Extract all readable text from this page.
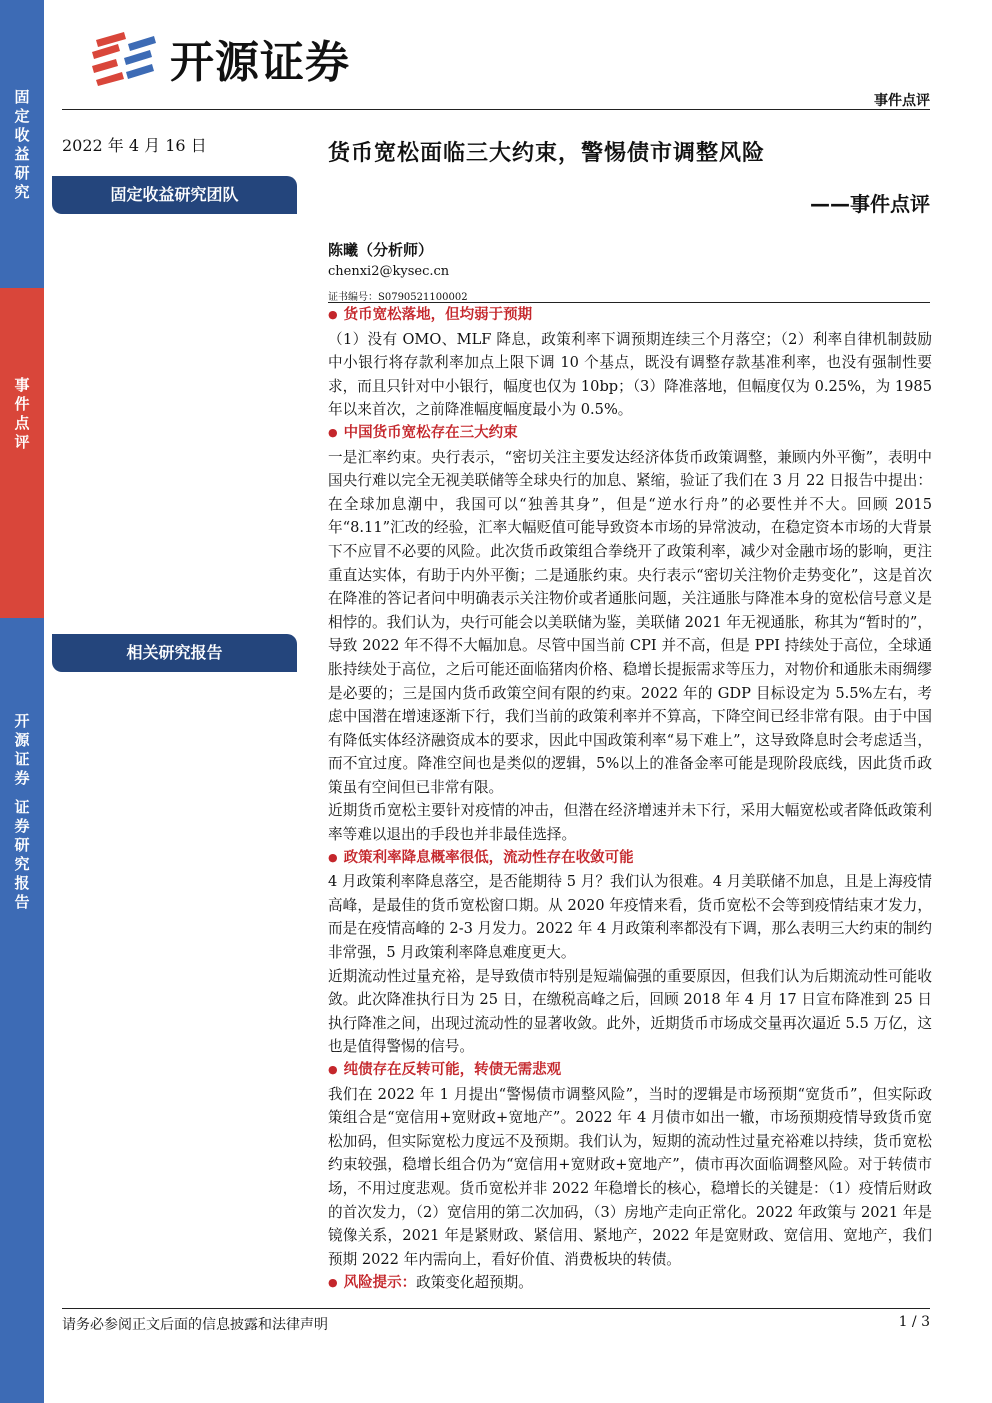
固
定
收
益
研
究
事
件
点
评
开
源
证
券

证
券
研
究
报
告
开源证券
事件点评
2022 年 4 月 16 日
固定收益研究团队
相关研究报告
货币宽松面临三大约束，警惕债市调整风险
——事件点评
陈曦（分析师）
chenxi2@kysec.cn
证书编号：S0790521100002
● 货币宽松落地，但均弱于预期

（1）没有 OMO、MLF 降息，政策利率下调预期连续三个月落空；（2）利率自律机制鼓励中小银行将存款利率加点上限下调 10 个基点，既没有调整存款基准利率，也没有强制性要求，而且只针对中小银行，幅度也仅为 10bp；（3）降准落地，但幅度仅为 0.25%，为 1985 年以来首次，之前降准幅度幅度最小为 0.5%。

● 中国货币宽松存在三大约束

一是汇率约束。央行表示，“密切关注主要发达经济体货币政策调整，兼顾内外平衡”，表明中国央行难以完全无视美联储等全球央行的加息、紧缩，验证了我们在 3 月 22 日报告中提出：在全球加息潮中，我国可以“独善其身”，但是“逆水行舟”的必要性并不大。回顾 2015 年“8.11”汇改的经验，汇率大幅贬值可能导致资本市场的异常波动，在稳定资本市场的大背景下不应冒不必要的风险。此次货币政策组合拳绕开了政策利率，减少对金融市场的影响，更注重直达实体，有助于内外平衡；二是通胀约束。央行表示“密切关注物价走势变化”，这是首次在降准的答记者问中明确表示关注物价或者通胀问题，关注通胀与降准本身的宽松信号意义是相悖的。我们认为，央行可能会以美联储为鉴，美联储 2021 年无视通胀，称其为“暂时的”，导致 2022 年不得不大幅加息。尽管中国当前 CPI 并不高，但是 PPI 持续处于高位，全球通胀持续处于高位，之后可能还面临猪肉价格、稳增长提振需求等压力，对物价和通胀未雨绸缪是必要的；三是国内货币政策空间有限的约束。2022 年的 GDP 目标设定为 5.5%左右，考虑中国潜在增速逐渐下行，我们当前的政策利率并不算高，下降空间已经非常有限。由于中国有降低实体经济融资成本的要求，因此中国政策利率“易下难上”，这导致降息时会考虑适当，而不宜过度。降准空间也是类似的逻辑，5%以上的准备金率可能是现阶段底线，因此货币政策虽有空间但已非常有限。

近期货币宽松主要针对疫情的冲击，但潜在经济增速并未下行，采用大幅宽松或者降低政策利率等难以退出的手段也并非最佳选择。

● 政策利率降息概率很低，流动性存在收敛可能

4 月政策利率降息落空，是否能期待 5 月？我们认为很难。4 月美联储不加息，且是上海疫情高峰，是最佳的货币宽松窗口期。从 2020 年疫情来看，货币宽松不会等到疫情结束才发力，而是在疫情高峰的 2-3 月发力。2022 年 4 月政策利率都没有下调，那么表明三大约束的制约非常强，5 月政策利率降息难度更大。

近期流动性过量充裕，是导致债市特别是短端偏强的重要原因，但我们认为后期流动性可能收敛。此次降准执行日为 25 日，在缴税高峰之后，回顾 2018 年 4 月 17 日宣布降准到 25 日执行降准之间，出现过流动性的显著收敛。此外，近期货币市场成交量再次逼近 5.5 万亿，这也是值得警惕的信号。

● 纯债存在反转可能，转债无需悲观

我们在 2022 年 1 月提出“警惕债市调整风险”，当时的逻辑是市场预期“宽货币”，但实际政策组合是“宽信用+宽财政+宽地产”。2022 年 4 月债市如出一辙，市场预期疫情导致货币宽松加码，但实际宽松力度远不及预期。我们认为，短期的流动性过量充裕难以持续，货币宽松约束较强，稳增长组合仍为“宽信用+宽财政+宽地产”，债市再次面临调整风险。对于转债市场，不用过度悲观。货币宽松并非 2022 年稳增长的核心，稳增长的关键是：（1）疫情后财政的首次发力，（2）宽信用的第二次加码，（3）房地产走向正常化。2022 年政策与 2021 年是镜像关系，2021 年是紧财政、紧信用、紧地产，2022 年是宽财政、宽信用、宽地产，我们预期 2022 年内需向上，看好价值、消费板块的转债。

● 风险提示：政策变化超预期。

请务必参阅正文后面的信息披露和法律声明	1 / 3
